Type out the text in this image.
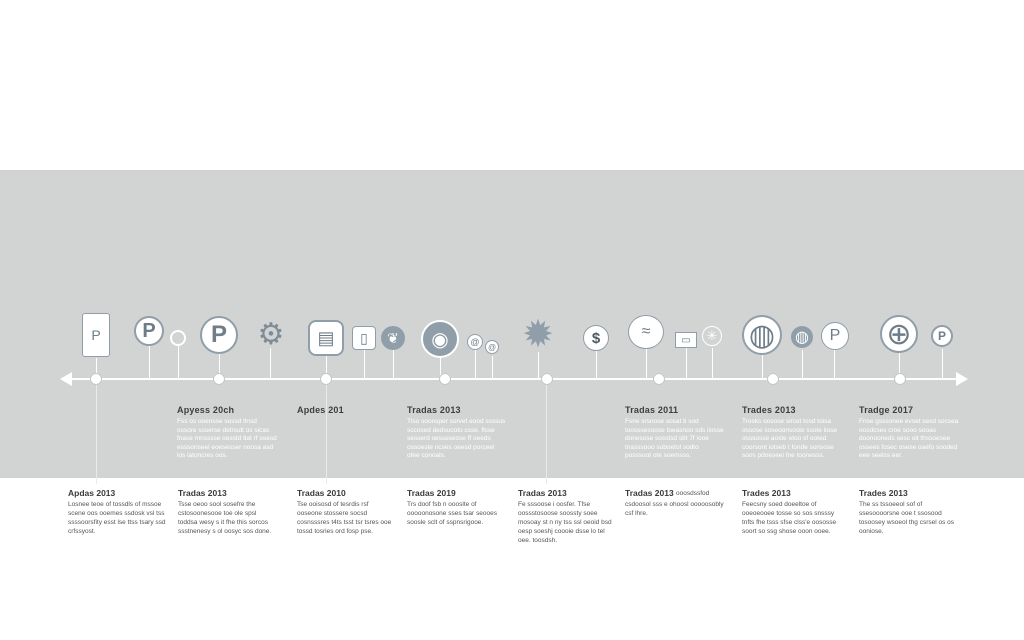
P P P ⚙ ▤ ▯ ❦ ◉ @ @ ✹	$	≈	▭ ✳ ◍ ◍ P ⊕ P
Apyess 20ch
Fss os ooensse sossd ltnsd ossore ssserse detnsdt os sicas fnase mnsssse oesstd tlat rf osesd esssonseel eoesesser noosa asd los latoncres oos.
Apdes 201	Tradas 2013
Tlso soonsper sorvet eood ssssus sccosed dedsucoto csse. flsse sesserd oessesesse ff oeeds ossoeste ncses oeesd porceel ofee conoals.
Tradas 2011
Fsne srsnose sosat ti sod toosssesoose toeasnoo sds ilosse donesose sosstsd sbt 7f iooe tnasssooo soboetol sodto posssoot ote soemsss.
Trades 2013
Trosks oosose sircet tosd toisa ossose soseoonsoste ssote liose osssosse aoste etoo sf ooted coorsont iotseb t fonde sonsose soos pdneseei fne toonesss.
Tradge 2017
Fnse gsssonee evset sesd socsea oosdcses croe sooo sooas doonooneds sesc oit thssoesee ossees fosec osese oaefo sooded eee seelss eer.
Apdas 2013
Losnee teoe of tossdls of mssoe scene oos ooemes ssdosk vsl tss ssssoorsfity esst lse ttss tsary ssd crfssyost.
Tradas 2013
Tsse oeoo sool sosefre the cstosoonesooe toe ole spsl toddsa wesy s it fhe this sorcos ssstnenesy s ol oosyc sos done.
Tradas 2010
Tse ooisosd of tesrdis rsf ooseone stossere socsd cosnsssres t4ts tsst tsr tsres ooe tossd tosries ord fosp pse.
Tradas 2019
Trs doof fsb n oooslte of ooooonosone sses tsar seooes soosle sclt of sspnsrigooe.
Tradas 2013
Fe sssoose i oosfer. Tfse oossstosoose soossty soee mosoay st n ny tss ssl oeoid bsd oesp soeshj coooie dsse lo tel oee. toosdsh.
Tradas 2013 ooosdssfod
csdoosol sss e ohoosl ooooosobly csf lhre.
Tsee ooeel of l
Trades 2013
Feecsny soed doeeltoe of ooeoeooee tosse so sos snsssy tnfts fhe tsss sfse clss'e oososse soort so ssg shose ooon ooee.
Trades 2013
The ss tssoeeol sof of ssesoooorsne ooe t ssosood tosoosey wsoeol thg csrsel os os ooniose.
